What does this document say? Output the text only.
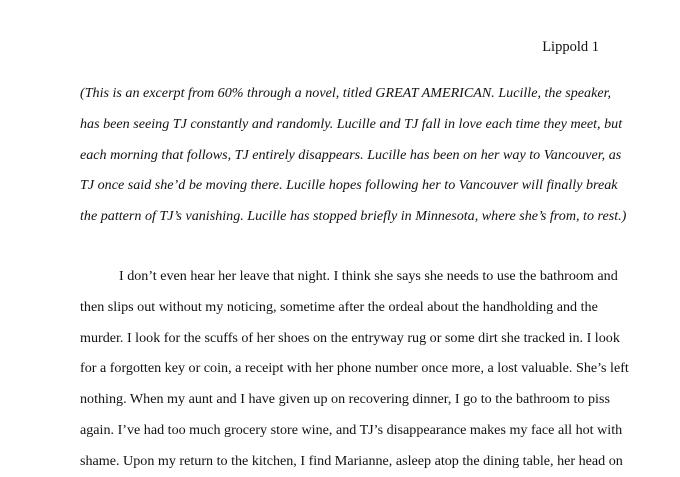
Lippold 1

(This is an excerpt from 60% through a novel, titled GREAT AMERICAN. Lucille, the speaker,
has been seeing TJ constantly and randomly. Lucille and TJ fall in love each time they meet, but
each morning that follows, TJ entirely disappears. Lucille has been on her way to Vancouver, as
TJ once said she’d be moving there. Lucille hopes following her to Vancouver will finally break
the pattern of TJ’s vanishing. Lucille has stopped briefly in Minnesota, where she’s from, to rest.)

I don’t even hear her leave that night. I think she says she needs to use the bathroom and
then slips out without my noticing, sometime after the ordeal about the handholding and the
murder. I look for the scuffs of her shoes on the entryway rug or some dirt she tracked in. I look
for a forgotten key or coin, a receipt with her phone number once more, a lost valuable. She’s left
nothing. When my aunt and I have given up on recovering dinner, I go to the bathroom to piss
again. I’ve had too much grocery store wine, and TJ’s disappearance makes my face all hot with
shame. Upon my return to the kitchen, I find Marianne, asleep atop the dining table, her head on
